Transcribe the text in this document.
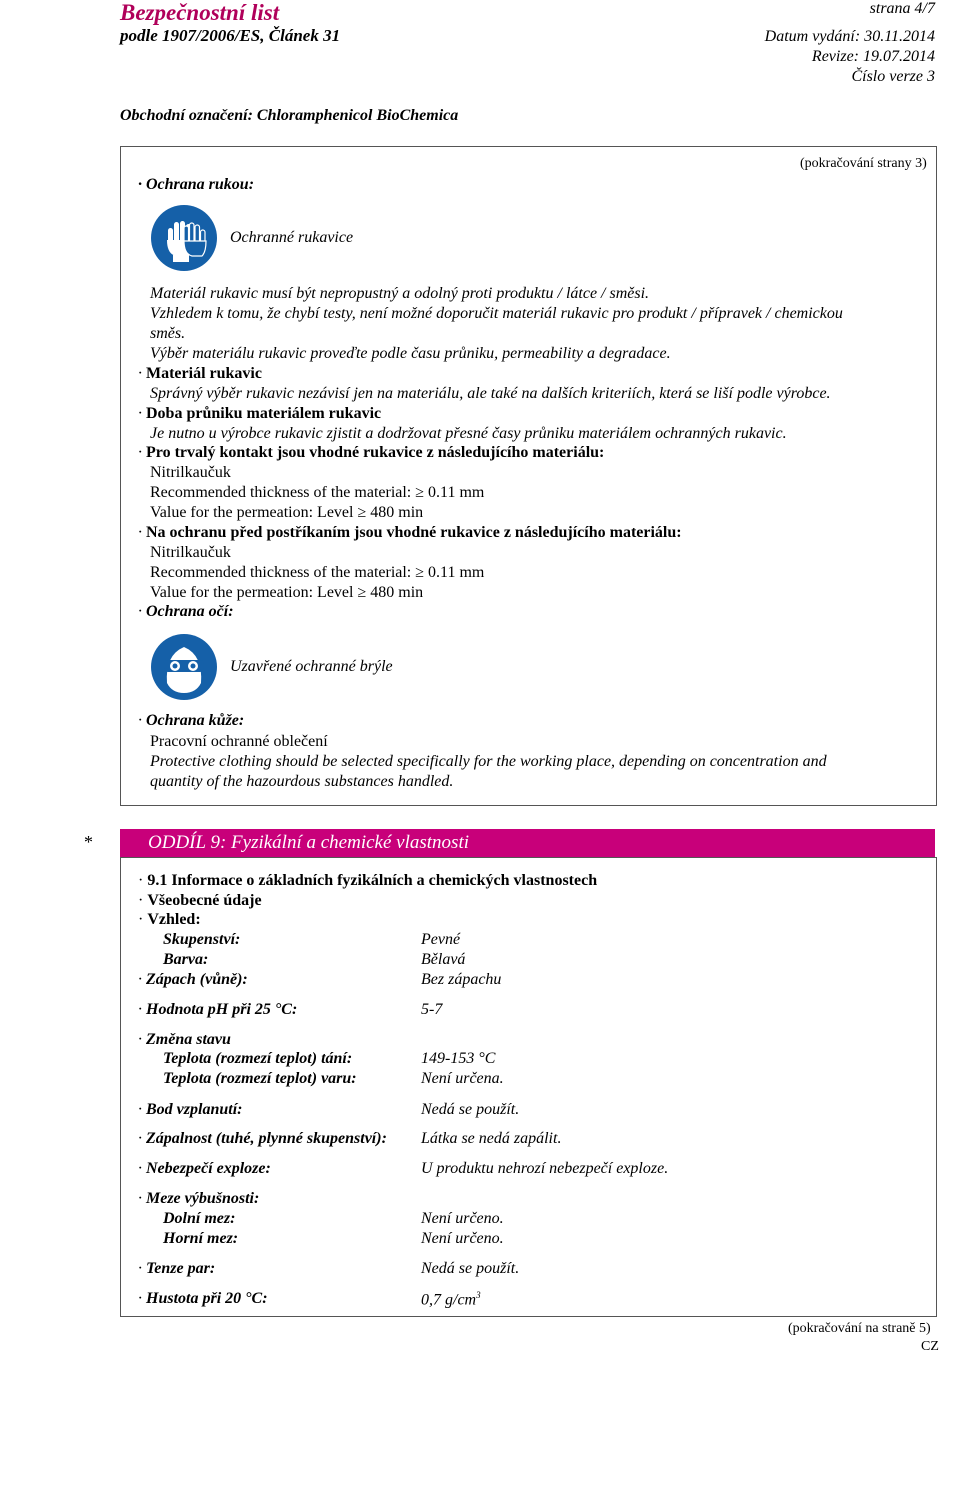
Bezpečnostní list
podle 1907/2006/ES, Článek 31
strana 4/7
Datum vydání: 30.11.2014
Revize: 19.07.2014
Číslo verze 3
Obchodní označení: Chloramphenicol BioChemica
(pokračování strany 3)
· Ochrana rukou:
Ochranné rukavice
Materiál rukavic musí být nepropustný a odolný proti produktu / látce / směsi.
Vzhledem k tomu, že chybí testy, není možné doporučit materiál rukavic pro produkt / přípravek / chemickou
směs.
Výběr materiálu rukavic proveďte podle času průniku, permeability a degradace.
· Materiál rukavic
Správný výběr rukavic nezávisí jen na materiálu, ale také na dalších kriteriích, která se liší podle výrobce.
· Doba průniku materiálem rukavic
Je nutno u výrobce rukavic zjistit a dodržovat přesné časy průniku materiálem ochranných rukavic.
· Pro trvalý kontakt jsou vhodné rukavice z následujícího materiálu:
Nitrilkaučuk
Recommended thickness of the material: ≥ 0.11 mm
Value for the permeation: Level ≥ 480 min
· Na ochranu před postříkaním jsou vhodné rukavice z následujícího materiálu:
Nitrilkaučuk
Recommended thickness of the material: ≥ 0.11 mm
Value for the permeation: Level ≥ 480 min
· Ochrana očí:
Uzavřené ochranné brýle
· Ochrana kůže:
Pracovní ochranné oblečení
Protective clothing should be selected specifically for the working place, depending on concentration and
quantity of the hazourdous substances handled.
*	ODDÍL 9: Fyzikální a chemické vlastnosti
· 9.1 Informace o základních fyzikálních a chemických vlastnostech
· Všeobecné údaje
· Vzhled:
Skupenství:	Pevné
Barva:	Bělavá
· Zápach (vůně):	Bez zápachu
· Hodnota pH při 25 °C:	5-7
· Změna stavu
Teplota (rozmezí teplot) tání:	149-153 °C
Teplota (rozmezí teplot) varu:	Není určena.
· Bod vzplanutí:	Nedá se použít.
· Zápalnost (tuhé, plynné skupenství): Látka se nedá zapálit.
· Nebezpečí exploze:	U produktu nehrozí nebezpečí exploze.
· Meze výbušnosti:
Dolní mez:	Není určeno.
Horní mez:	Není určeno.
· Tenze par:	Nedá se použít.
· Hustota při 20 °C:	0,7 $g/cm^3$
(pokračování na straně 5)
CZ
